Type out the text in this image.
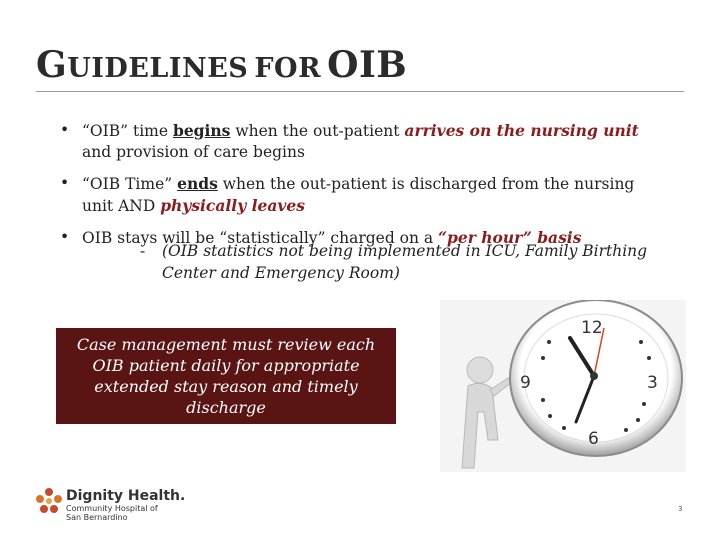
GUIDELINES FOR OIB
• “OIB” time begins when the out-patient arrives on the nursing unit and provision of care begins
• “OIB Time” ends when the out-patient is discharged from the nursing unit AND physically leaves
• OIB stays will be “statistically” charged on a “per hour” basis
-	(OIB statistics not being implemented in ICU, Family Birthing Center and Emergency Room)
Case management must review each OIB patient daily for appropriate extended stay reason and timely discharge
12
3
6
9
Dignity Health.
Community Hospital of
San Bernardino
3
